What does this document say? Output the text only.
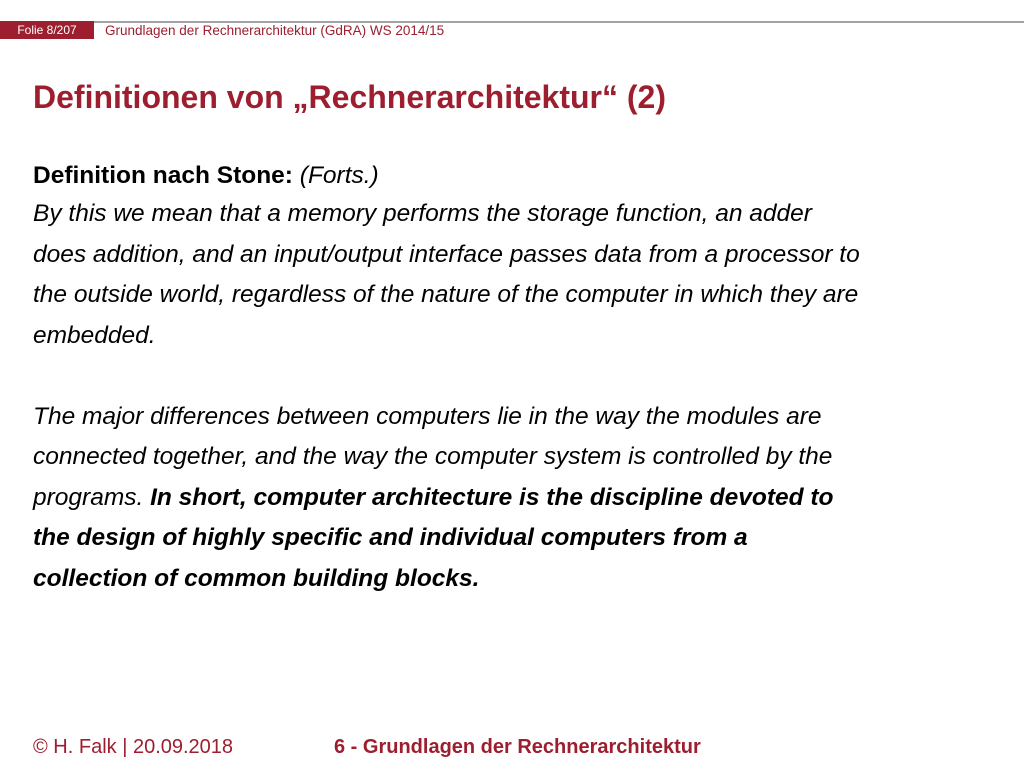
Folie 8/207	Grundlagen der Rechnerarchitektur (GdRA) WS 2014/15
Definitionen von „Rechnerarchitektur“ (2)
Definition nach Stone: (Forts.)

By this we mean that a memory performs the storage function, an adder
does addition, and an input/output interface passes data from a processor to
the outside world, regardless of the nature of the computer in which they are
embedded.

The major differences between computers lie in the way the modules are
connected together, and the way the computer system is controlled by the
programs. In short, computer architecture is the discipline devoted to
the design of highly specific and individual computers from a
collection of common building blocks.

© H. Falk | 20.09.2018	6 - Grundlagen der Rechnerarchitektur
